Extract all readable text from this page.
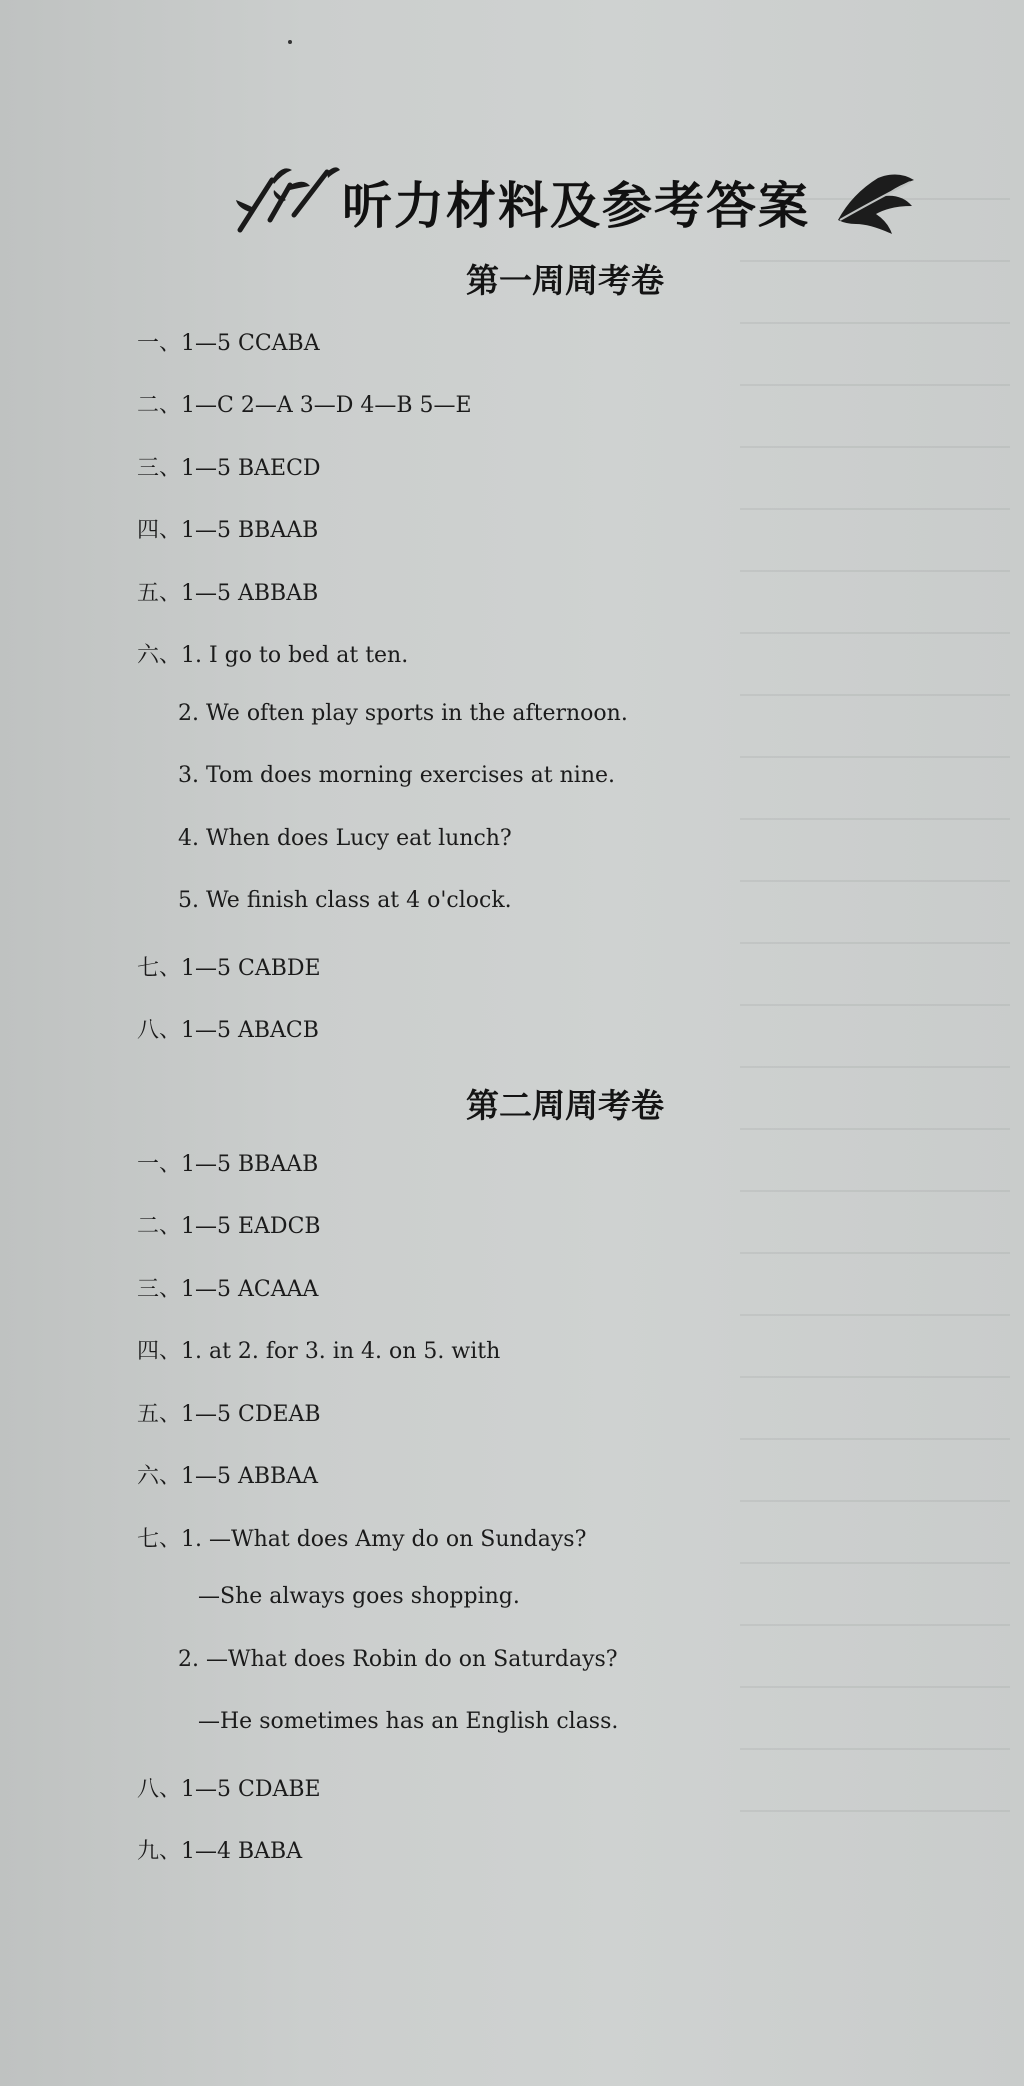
听力材料及参考答案
第一周周考卷
一、1—5 CCABA
二、1—C 2—A 3—D 4—B 5—E
三、1—5 BAECD
四、1—5 BBAAB
五、1—5 ABBAB
六、1. I go to bed at ten.
2. We often play sports in the afternoon.
3. Tom does morning exercises at nine.
4. When does Lucy eat lunch?
5. We finish class at 4 o'clock.
七、1—5 CABDE
八、1—5 ABACB
第二周周考卷
一、1—5 BBAAB
二、1—5 EADCB
三、1—5 ACAAA
四、1. at 2. for 3. in 4. on 5. with
五、1—5 CDEAB
六、1—5 ABBAA
七、1. —What does Amy do on Sundays?
—She always goes shopping.
2. —What does Robin do on Saturdays?
—He sometimes has an English class.
八、1—5 CDABE
九、1—4 BABA
